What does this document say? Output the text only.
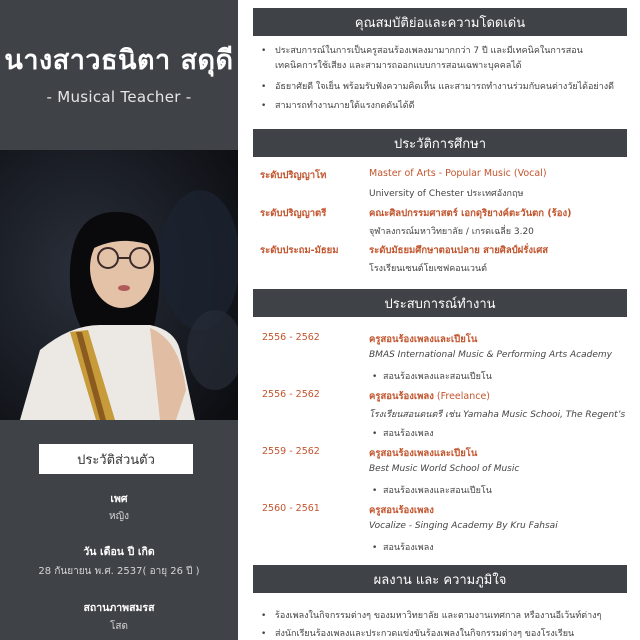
นางสาวธนิตา สดุดี
- Musical Teacher -
ประวัติส่วนตัว
เพศ
หญิง
วัน เดือน ปี เกิด
28 กันยายน พ.ศ. 2537( อายุ 26 ปี )
สถานภาพสมรส
โสด
คุณสมบัติย่อและความโดดเด่น
• ประสบการณ์ในการเป็นครูสอนร้องเพลงมามากกว่า 7 ปี และมีเทคนิคในการสอน
เทคนิคการใช้เสียง และสามารถออกแบบการสอนเฉพาะบุคคลได้
• อัธยาศัยดี ใจเย็น พร้อมรับฟังความคิดเห็น และสามารถทำงานร่วมกับคนต่างวัยได้อย่างดี
• สามารถทำงานภายใต้แรงกดดันได้ดี
ประวัติการศึกษา
ระดับปริญญาโท	Master of Arts - Popular Music (Vocal)
University of Chester ประเทศอังกฤษ
ระดับปริญญาตรี	คณะศิลปกรรมศาสตร์ เอกดุริยางค์ตะวันตก (ร้อง)
จุฬาลงกรณ์มหาวิทยาลัย / เกรดเฉลี่ย 3.20
ระดับประถม-มัธยม	ระดับมัธยมศึกษาตอนปลาย สายศิลป์ฝรั่งเศส
โรงเรียนเซนต์โยเซฟคอนเวนต์
ประสบการณ์ทำงาน
2556 - 2562	ครูสอนร้องเพลงและเปียโน
BMAS International Music & Performing Arts Academy
•  สอนร้องเพลงและสอนเปียโน
2556 - 2562	ครูสอนร้องเพลง (Freelance)
โรงเรียนสอนดนตรี เช่น Yamaha Music Schooi, The Regent’s
•  สอนร้องเพลง
2559 - 2562	ครูสอนร้องเพลงและเปียโน
Best Music World School of Music
•  สอนร้องเพลงและสอนเปียโน
2560 - 2561	ครูสอนร้องเพลง
Vocalize - Singing Academy By Kru Fahsai
•  สอนร้องเพลง
ผลงาน และ ความภูมิใจ
• ร้องเพลงในกิจกรรมต่างๆ ของมหาวิทยาลัย และตามงานเทศกาล หรืองานอีเว้นท์ต่างๆ
• ส่งนักเรียนร้องเพลงและประกวดแข่งขันร้องเพลงในกิจกรรมต่างๆ ของโรงเรียน
